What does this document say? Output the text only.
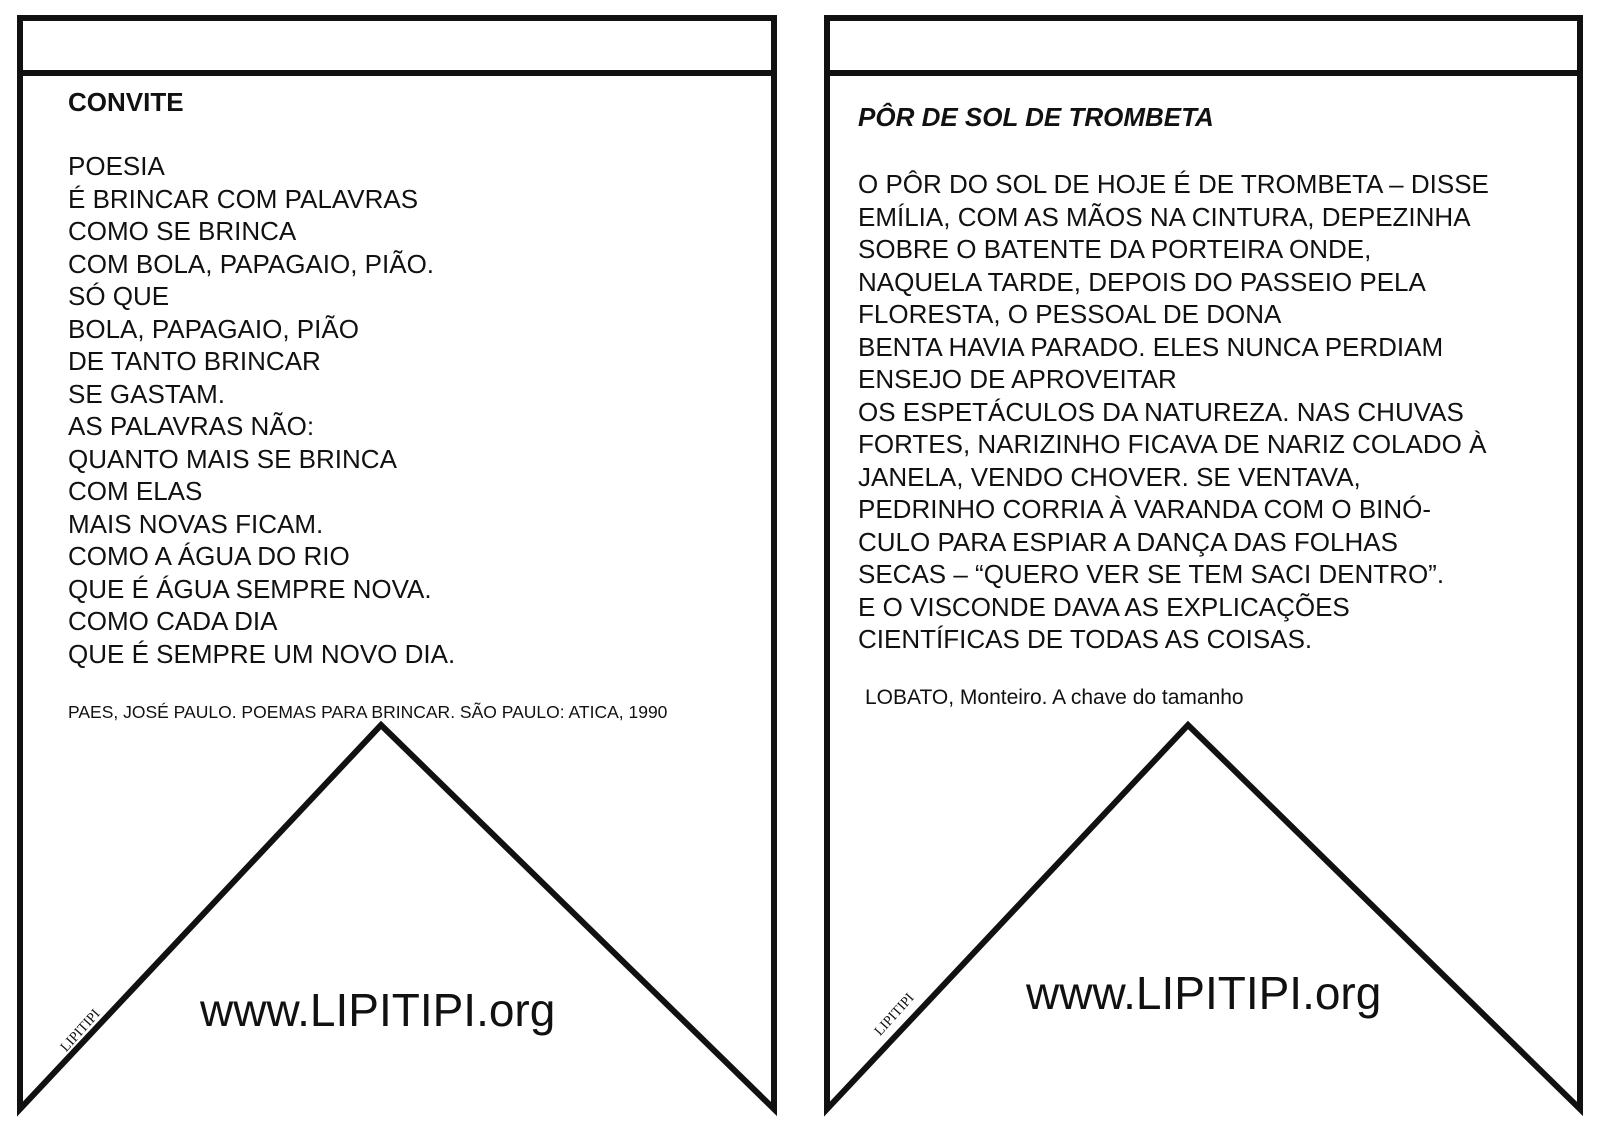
CONVITE
POESIA
É BRINCAR COM PALAVRAS
COMO SE BRINCA
COM BOLA, PAPAGAIO, PIÃO.
SÓ QUE
BOLA, PAPAGAIO, PIÃO
DE TANTO BRINCAR
SE GASTAM.
AS PALAVRAS NÃO:
QUANTO MAIS SE BRINCA
COM ELAS
MAIS NOVAS FICAM.
COMO A ÁGUA DO RIO
QUE É ÁGUA SEMPRE NOVA.
COMO CADA DIA
QUE É SEMPRE UM NOVO DIA.
PAES, JOSÉ PAULO. POEMAS PARA BRINCAR. SÃO PAULO: ATICA, 1990
www.LIPITIPI.org
LIPITIPI
PÔR DE SOL DE TROMBETA
O PÔR DO SOL DE HOJE É DE TROMBETA – DISSE
EMÍLIA, COM AS MÃOS NA CINTURA, DEPEZINHA
SOBRE O BATENTE DA PORTEIRA ONDE,
NAQUELA TARDE, DEPOIS DO PASSEIO PELA
FLORESTA, O PESSOAL DE DONA
BENTA HAVIA PARADO. ELES NUNCA PERDIAM
ENSEJO DE APROVEITAR
OS ESPETÁCULOS DA NATUREZA. NAS CHUVAS
FORTES, NARIZINHO FICAVA DE NARIZ COLADO À
JANELA, VENDO CHOVER. SE VENTAVA,
PEDRINHO CORRIA À VARANDA COM O BINÓ-
CULO PARA ESPIAR A DANÇA DAS FOLHAS
SECAS – “QUERO VER SE TEM SACI DENTRO”.
E O VISCONDE DAVA AS EXPLICAÇÕES
CIENTÍFICAS DE TODAS AS COISAS.
LOBATO, Monteiro. A chave do tamanho
www.LIPITIPI.org
LIPITIPI
